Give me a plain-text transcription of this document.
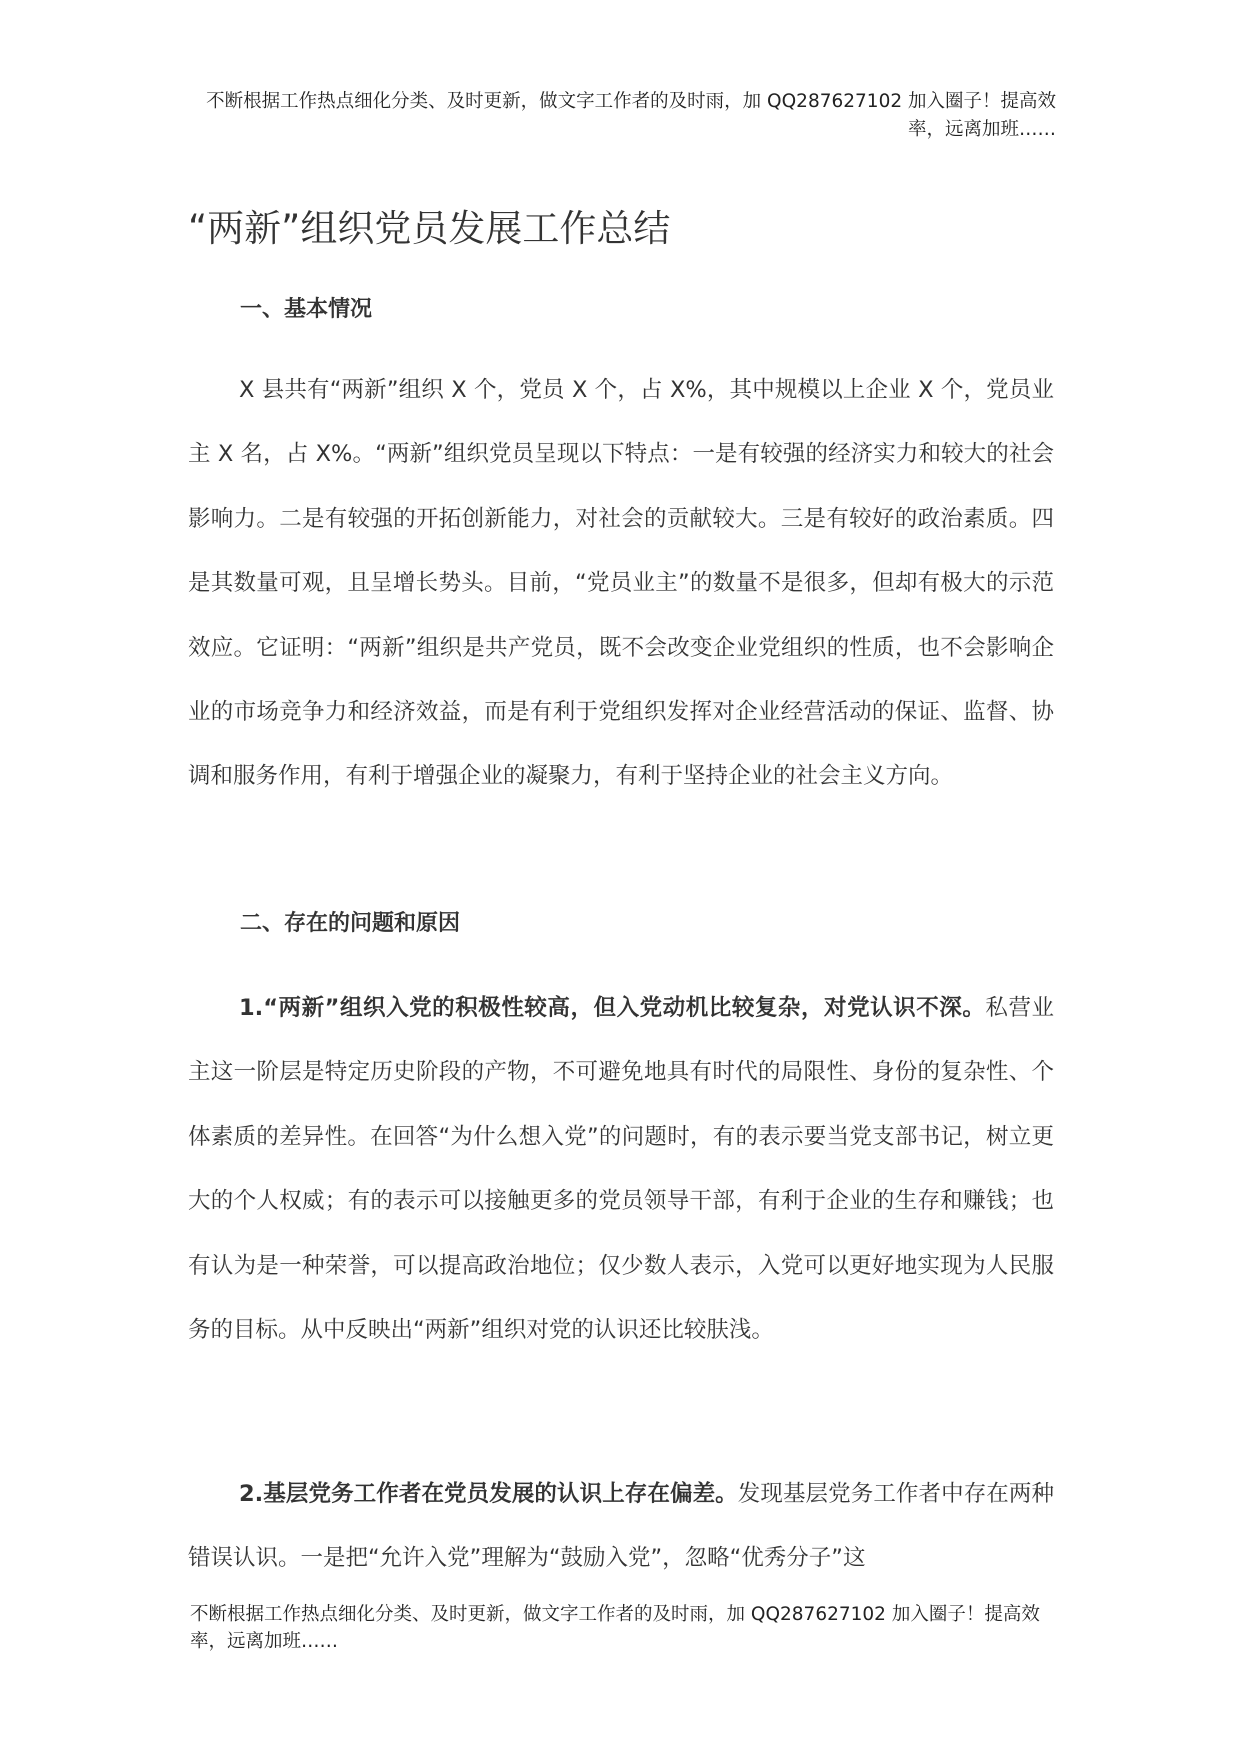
不断根据工作热点细化分类、及时更新，做文字工作者的及时雨，加 QQ287627102 加入圈子！提高效率，远离加班……
“两新”组织党员发展工作总结
一、基本情况

X 县共有“两新”组织 X 个，党员 X 个，占 X%，其中规模以上企业 X 个，党员业主 X 名，占 X%。“两新”组织党员呈现以下特点：一是有较强的经济实力和较大的社会影响力。二是有较强的开拓创新能力，对社会的贡献较大。三是有较好的政治素质。四是其数量可观，且呈增长势头。目前，“党员业主”的数量不是很多，但却有极大的示范效应。它证明：“两新”组织是共产党员，既不会改变企业党组织的性质，也不会影响企业的市场竞争力和经济效益，而是有利于党组织发挥对企业经营活动的保证、监督、协调和服务作用，有利于增强企业的凝聚力，有利于坚持企业的社会主义方向。

二、存在的问题和原因

1.“两新”组织入党的积极性较高，但入党动机比较复杂，对党认识不深。私营业主这一阶层是特定历史阶段的产物，不可避免地具有时代的局限性、身份的复杂性、个体素质的差异性。在回答“为什么想入党”的问题时，有的表示要当党支部书记，树立更大的个人权威；有的表示可以接触更多的党员领导干部，有利于企业的生存和赚钱；也有认为是一种荣誉，可以提高政治地位；仅少数人表示，入党可以更好地实现为人民服务的目标。从中反映出“两新”组织对党的认识还比较肤浅。

2.基层党务工作者在党员发展的认识上存在偏差。发现基层党务工作者中存在两种错误认识。一是把“允许入党”理解为“鼓励入党”，忽略“优秀分子”这

不断根据工作热点细化分类、及时更新，做文字工作者的及时雨，加 QQ287627102 加入圈子！提高效率，远离加班……
